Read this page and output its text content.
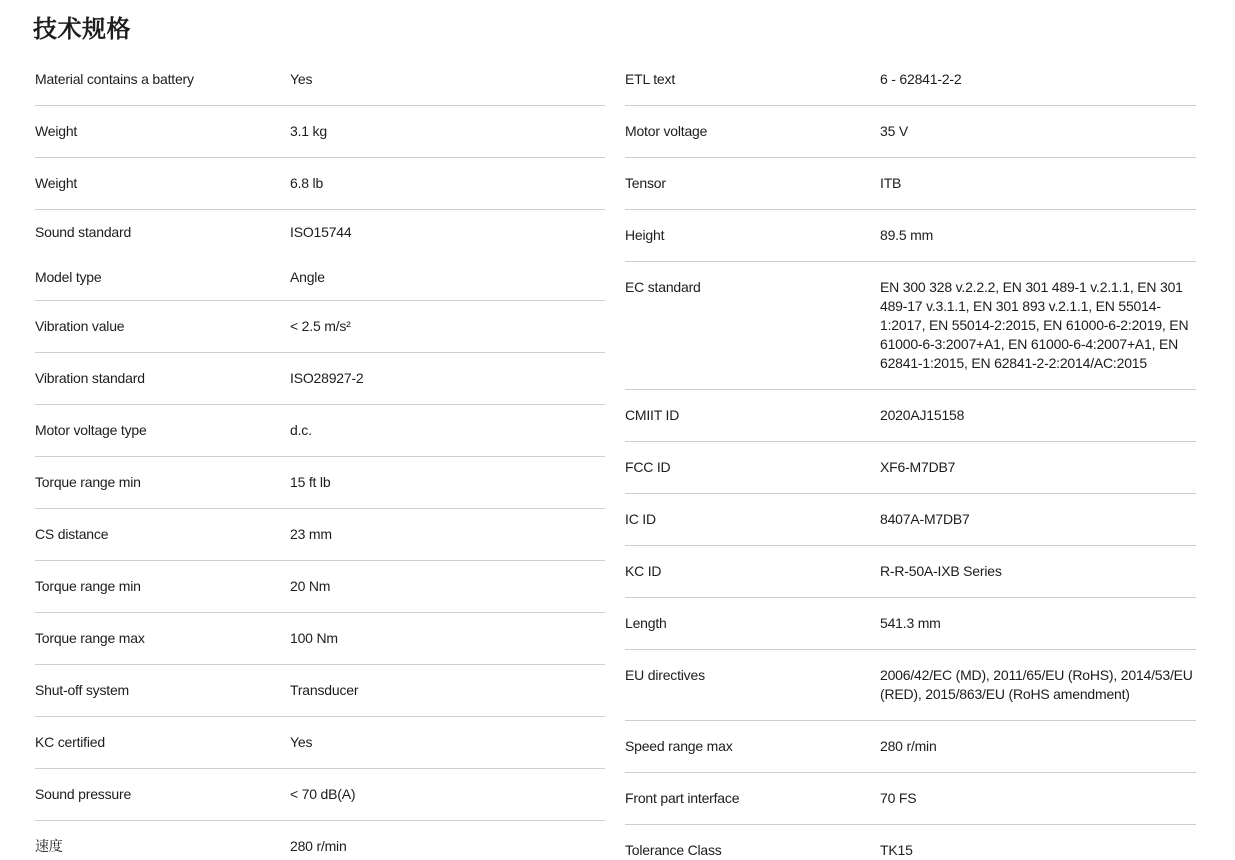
技术规格
Material contains a battery	Yes
Weight	3.1 kg
Weight	6.8 lb
Sound standard	ISO15744
Model type	Angle
Vibration value	< 2.5 m/s²
Vibration standard	ISO28927-2
Motor voltage type	d.c.
Torque range min	15 ft lb
CS distance	23 mm
Torque range min	20 Nm
Torque range max	100 Nm
Shut-off system	Transducer
KC certified	Yes
Sound pressure	< 70 dB(A)
速度	280 r/min
ETL text	6 - 62841-2-2
Motor voltage	35 V
Tensor	ITB
Height	89.5 mm
EC standard	EN 300 328 v.2.2.2, EN 301 489-1 v.2.1.1, EN 301 489-17 v.3.1.1, EN 301 893 v.2.1.1, EN 55014-1:2017, EN 55014-2:2015, EN 61000-6-2:2019, EN 61000-6-3:2007+A1, EN 61000-6-4:2007+A1, EN 62841-1:2015, EN 62841-2-2:2014/AC:2015
CMIIT ID	2020AJ15158
FCC ID	XF6-M7DB7
IC ID	8407A-M7DB7
KC ID	R-R-50A-IXB Series
Length	541.3 mm
EU directives	2006/42/EC (MD), 2011/65/EU (RoHS), 2014/53/EU (RED), 2015/863/EU (RoHS amendment)
Speed range max	280 r/min
Front part interface	70 FS
Tolerance Class	TK15
